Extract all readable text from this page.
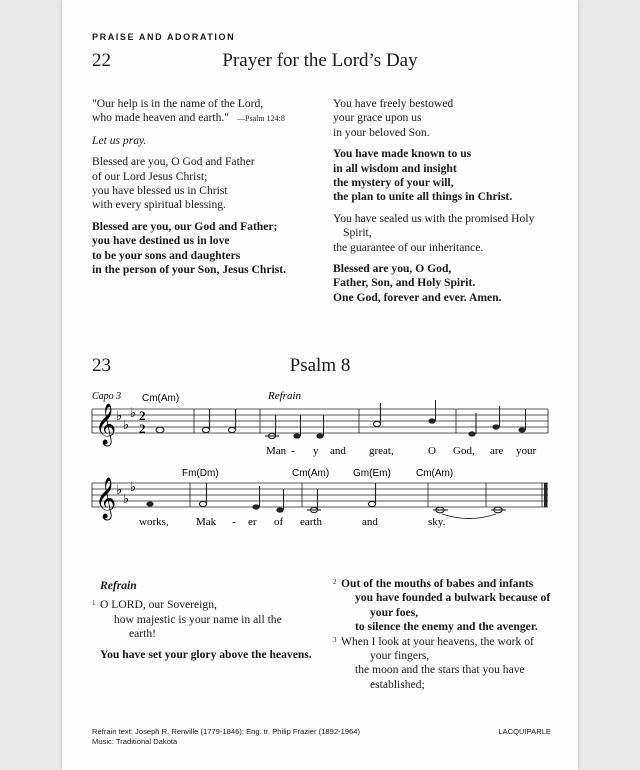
PRAISE AND ADORATION
22	Prayer for the Lord’s Day

"Our help is in the name of the Lord,
who made heaven and earth." —Psalm 124:8

Let us pray.

Blessed are you, O God and Father
of our Lord Jesus Christ;
you have blessed us in Christ
with every spiritual blessing.

Blessed are you, our God and Father;
you have destined us in love
to be your sons and daughters
in the person of your Son, Jesus Christ.

You have freely bestowed
your grace upon us
in your beloved Son.

You have made known to us
in all wisdom and insight
the mystery of your will,
the plan to unite all things in Christ.

You have sealed us with the promised Holy
Spirit,
the guarantee of our inheritance.

Blessed are you, O God,
Father, Son, and Holy Spirit.
One God, forever and ever. Amen.

23	Psalm 8
Capo 3 Cm(Am)	Refrain
𝄞 ♭
♭
♭ 2
2
Man - y and great,	O God, are your
Fm(Dm)	Cm(Am) Gm(Em)	Cm(Am)
𝄞 ♭
♭
♭
works, Mak - er of earth	and	sky.

Refrain

1 O LORD, our Sovereign,
how majestic is your name in all the
earth!

You have set your glory above the heavens.

2 Out of the mouths of babes and infants
you have founded a bulwark because of
your foes,
to silence the enemy and the avenger.

3 When I look at your heavens, the work of
your fingers,
the moon and the stars that you have
established;

Refrain text: Joseph R. Renville (1779-1846); Eng. tr. Philip Frazier (1892-1964)
Music: Traditional Dakota
LACQUIPARLE
